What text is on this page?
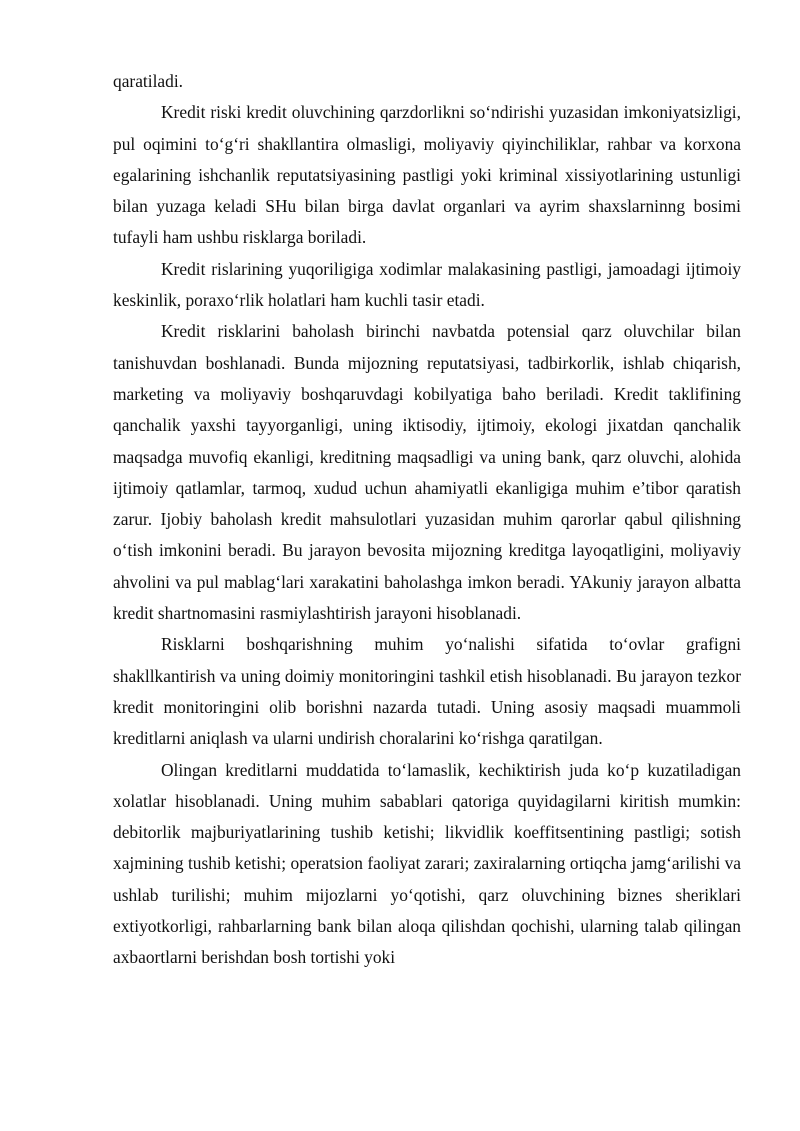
qaratiladi.

Kredit riski kredit oluvchining qarzdorlikni so‘ndirishi yuzasidan imkoniyatsizligi, pul oqimini to‘g‘ri shakllantira olmasligi, moliyaviy qiyinchiliklar, rahbar va korxona egalarining ishchanlik reputatsiyasining pastligi yoki kriminal xissiyotlarining ustunligi bilan yuzaga keladi SHu bilan birga davlat organlari va ayrim shaxslarninng bosimi tufayli ham ushbu risklarga boriladi.

Kredit rislarining yuqoriligiga xodimlar malakasining pastligi, jamoadagi ijtimoiy keskinlik, poraxo‘rlik holatlari ham kuchli tasir etadi.

Kredit risklarini baholash birinchi navbatda potensial qarz oluvchilar bilan tanishuvdan boshlanadi. Bunda mijozning reputatsiyasi, tadbirkorlik, ishlab chiqarish, marketing va moliyaviy boshqaruvdagi kobilyatiga baho beriladi. Kredit taklifining qanchalik yaxshi tayyorganligi, uning iktisodiy, ijtimoiy, ekologi jixatdan qanchalik maqsadga muvofiq ekanligi, kreditning maqsadligi va uning bank, qarz oluvchi, alohida ijtimoiy qatlamlar, tarmoq, xudud uchun ahamiyatli ekanligiga muhim e’tibor qaratish zarur. Ijobiy baholash kredit mahsulotlari yuzasidan muhim qarorlar qabul qilishning o‘tish imkonini beradi. Bu jarayon bevosita mijozning kreditga layoqatligini, moliyaviy ahvolini va pul mablag‘lari xarakatini baholashga imkon beradi. YAkuniy jarayon albatta kredit shartnomasini rasmiylashtirish jarayoni hisoblanadi.

Risklarni boshqarishning muhim yo‘nalishi sifatida to‘ovlar grafigni shakllkantirish va uning doimiy monitoringini tashkil etish hisoblanadi. Bu jarayon tezkor kredit monitoringini olib borishni nazarda tutadi. Uning asosiy maqsadi muammoli kreditlarni aniqlash va ularni undirish choralarini ko‘rishga qaratilgan.

Olingan kreditlarni muddatida to‘lamaslik, kechiktirish juda ko‘p kuzatiladigan xolatlar hisoblanadi. Uning muhim sabablari qatoriga quyidagilarni kiritish mumkin: debitorlik majburiyatlarining tushib ketishi; likvidlik koeffitsentining pastligi; sotish xajmining tushib ketishi; operatsion faoliyat zarari; zaxiralarning ortiqcha jamg‘arilishi va ushlab turilishi; muhim mijozlarni yo‘qotishi, qarz oluvchining biznes sheriklari extiyotkorligi, rahbarlarning bank bilan aloqa qilishdan qochishi, ularning talab qilingan axbaortlarni berishdan bosh tortishi yoki
